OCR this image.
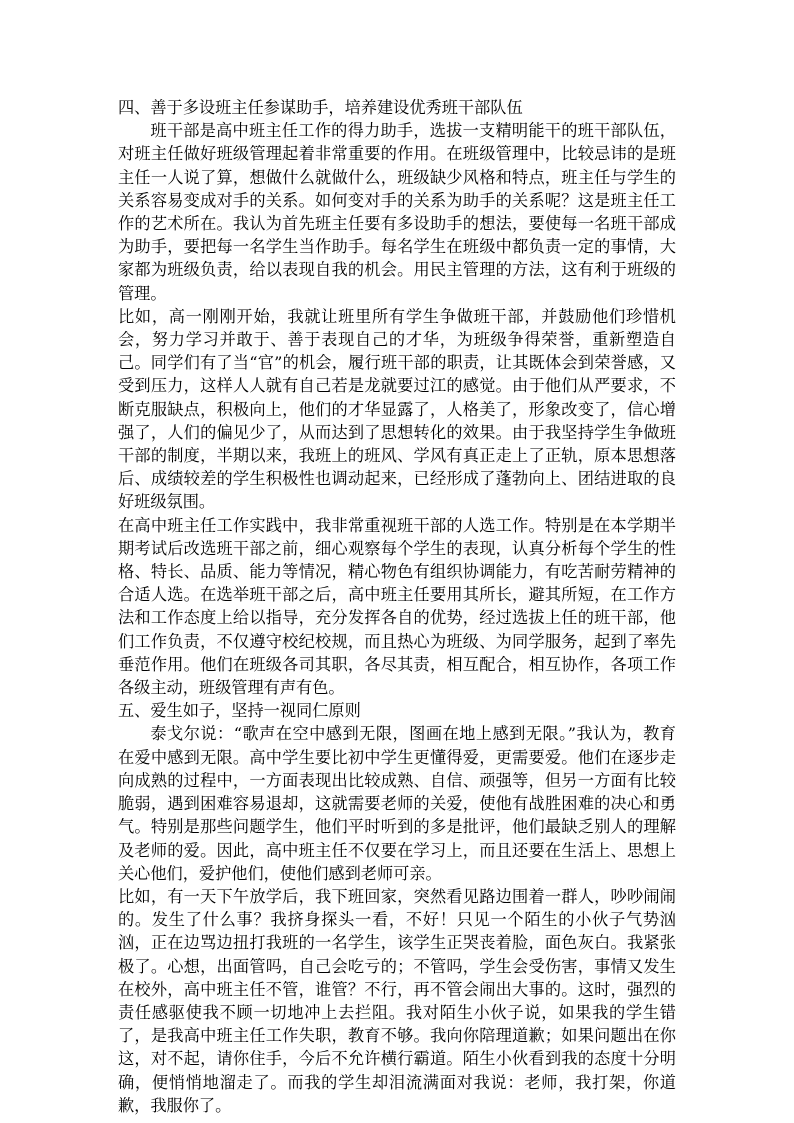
四、善于多设班主任参谋助手，培养建设优秀班干部队伍

班干部是高中班主任工作的得力助手，选拔一支精明能干的班干部队伍，对班主任做好班级管理起着非常重要的作用。在班级管理中，比较忌讳的是班主任一人说了算，想做什么就做什么，班级缺少风格和特点，班主任与学生的关系容易变成对手的关系。如何变对手的关系为助手的关系呢？这是班主任工作的艺术所在。我认为首先班主任要有多设助手的想法，要使每一名班干部成为助手，要把每一名学生当作助手。每名学生在班级中都负责一定的事情，大家都为班级负责，给以表现自我的机会。用民主管理的方法，这有利于班级的管理。

比如，高一刚刚开始，我就让班里所有学生争做班干部，并鼓励他们珍惜机会，努力学习并敢于、善于表现自己的才华，为班级争得荣誉，重新塑造自己。同学们有了当“官”的机会，履行班干部的职责，让其既体会到荣誉感，又受到压力，这样人人就有自己若是龙就要过江的感觉。由于他们从严要求，不断克服缺点，积极向上，他们的才华显露了，人格美了，形象改变了，信心增强了，人们的偏见少了，从而达到了思想转化的效果。由于我坚持学生争做班干部的制度，半期以来，我班上的班风、学风有真正走上了正轨，原本思想落后、成绩较差的学生积极性也调动起来，已经形成了蓬勃向上、团结进取的良好班级氛围。

在高中班主任工作实践中，我非常重视班干部的人选工作。特别是在本学期半期考试后改选班干部之前，细心观察每个学生的表现，认真分析每个学生的性格、特长、品质、能力等情况，精心物色有组织协调能力，有吃苦耐劳精神的合适人选。在选举班干部之后，高中班主任要用其所长，避其所短，在工作方法和工作态度上给以指导，充分发挥各自的优势，经过选拔上任的班干部，他们工作负责，不仅遵守校纪校规，而且热心为班级、为同学服务，起到了率先垂范作用。他们在班级各司其职，各尽其责，相互配合，相互协作，各项工作各级主动，班级管理有声有色。

五、爱生如子，坚持一视同仁原则

泰戈尔说：“歌声在空中感到无限，图画在地上感到无限。”我认为，教育在爱中感到无限。高中学生要比初中学生更懂得爱，更需要爱。他们在逐步走向成熟的过程中，一方面表现出比较成熟、自信、顽强等，但另一方面有比较脆弱，遇到困难容易退却，这就需要老师的关爱，使他有战胜困难的决心和勇气。特别是那些问题学生，他们平时听到的多是批评，他们最缺乏别人的理解及老师的爱。因此，高中班主任不仅要在学习上，而且还要在生活上、思想上关心他们，爱护他们，使他们感到老师可亲。

比如，有一天下午放学后，我下班回家，突然看见路边围着一群人，吵吵闹闹的。发生了什么事？我挤身探头一看，不好！只见一个陌生的小伙子气势汹汹，正在边骂边扭打我班的一名学生，该学生正哭丧着脸，面色灰白。我紧张极了。心想，出面管吗，自己会吃亏的；不管吗，学生会受伤害，事情又发生在校外，高中班主任不管，谁管？不行，再不管会闹出大事的。这时，强烈的责任感驱使我不顾一切地冲上去拦阻。我对陌生小伙子说，如果我的学生错了，是我高中班主任工作失职，教育不够。我向你陪理道歉；如果问题出在你这，对不起，请你住手，今后不允许横行霸道。陌生小伙看到我的态度十分明确，便悄悄地溜走了。而我的学生却泪流满面对我说：老师，我打架，你道歉，我服你了。
